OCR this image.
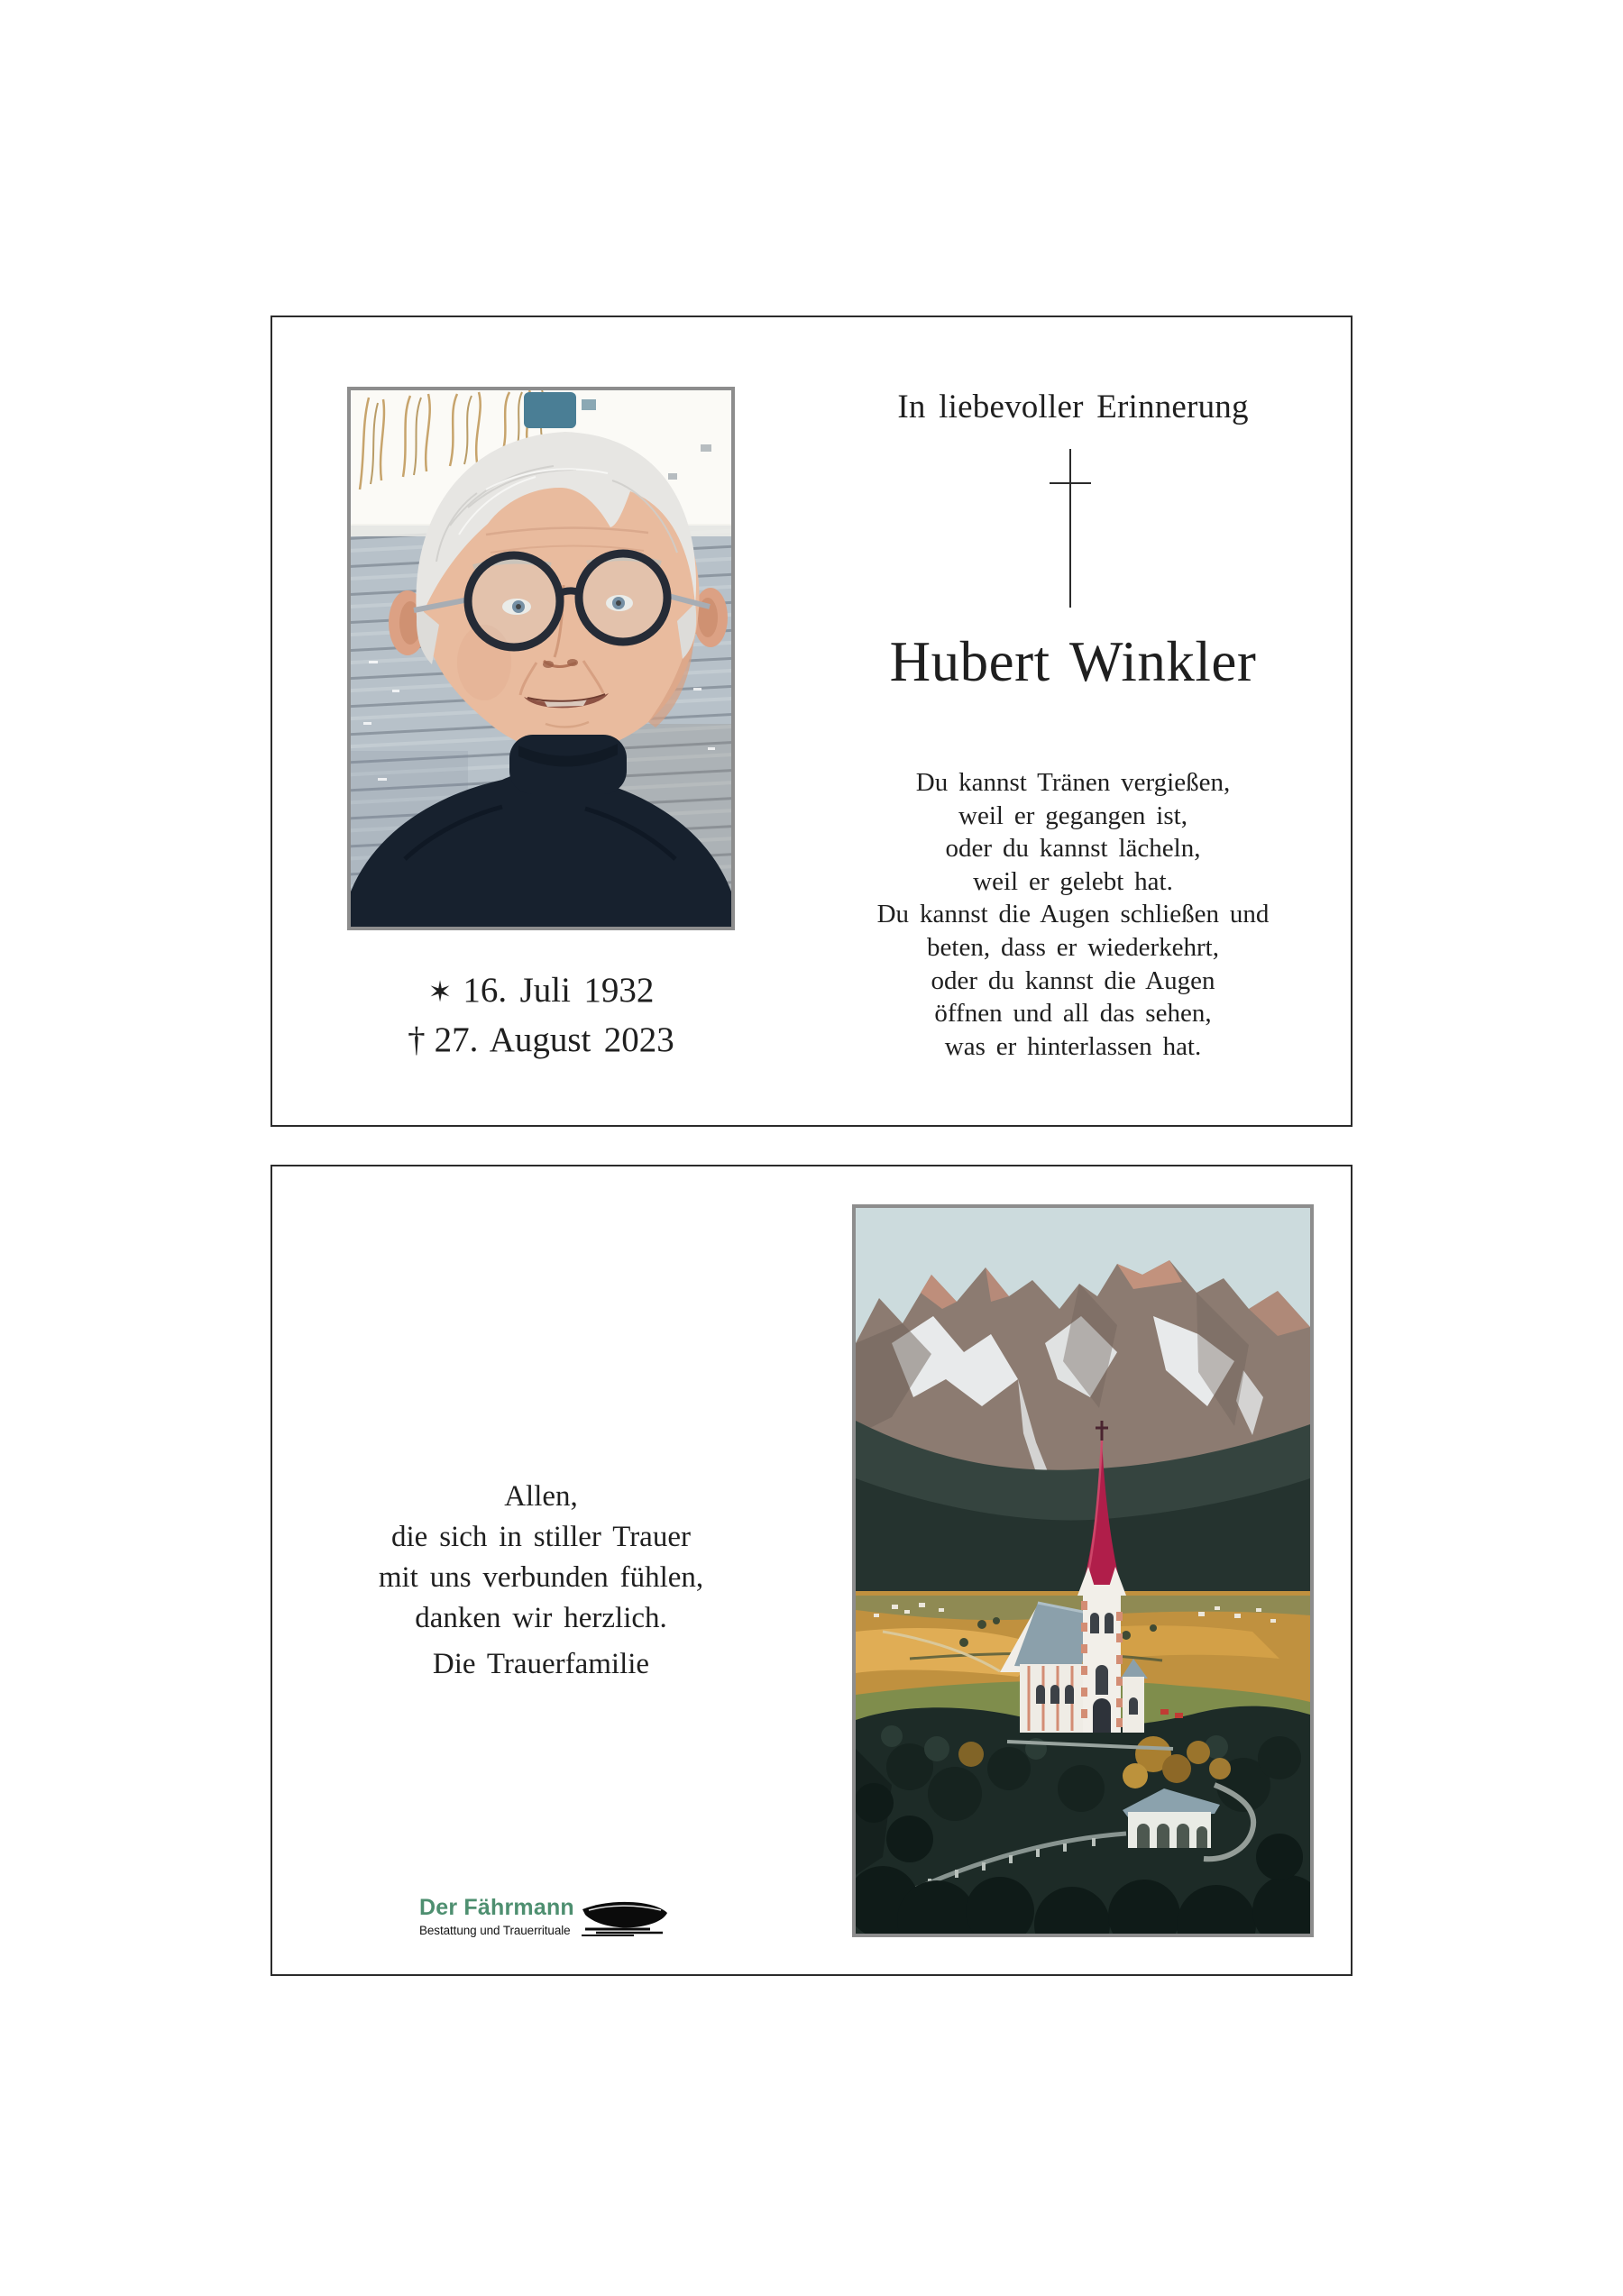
✶ 16. Juli 1932
† 27. August 2023
In liebevoller Erinnerung
Hubert Winkler
Du kannst Tränen vergießen,
weil er gegangen ist,
oder du kannst lächeln,
weil er gelebt hat.
Du kannst die Augen schließen und
beten, dass er wiederkehrt,
oder du kannst die Augen
öffnen und all das sehen,
was er hinterlassen hat.
Allen,
die sich in stiller Trauer
mit uns verbunden fühlen,
danken wir herzlich.
Die Trauerfamilie
Der Fährmann
Bestattung und Trauerrituale
